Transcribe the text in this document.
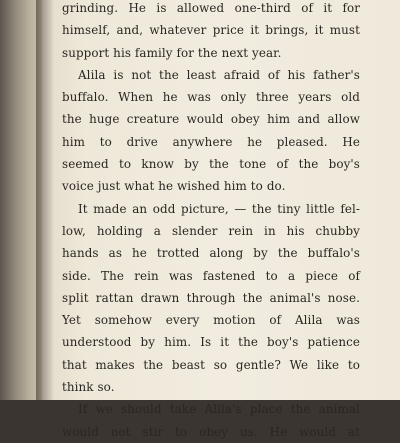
grinding. He is allowed one-third of it for
himself, and, whatever price it brings, it must
support his family for the next year.
Alila is not the least afraid of his father's
buffalo. When he was only three years old
the huge creature would obey him and allow
him to drive anywhere he pleased. He
seemed to know by the tone of the boy's
voice just what he wished him to do.
It made an odd picture, — the tiny little fel-
low, holding a slender rein in his chubby
hands as he trotted along by the buffalo's
side. The rein was fastened to a piece of
split rattan drawn through the animal's nose.
Yet somehow every motion of Alila was
understood by him. Is it the boy's patience
that makes the beast so gentle? We like to
think so.
If we should take Alila's place the animal
would not stir to obey us. He would at
